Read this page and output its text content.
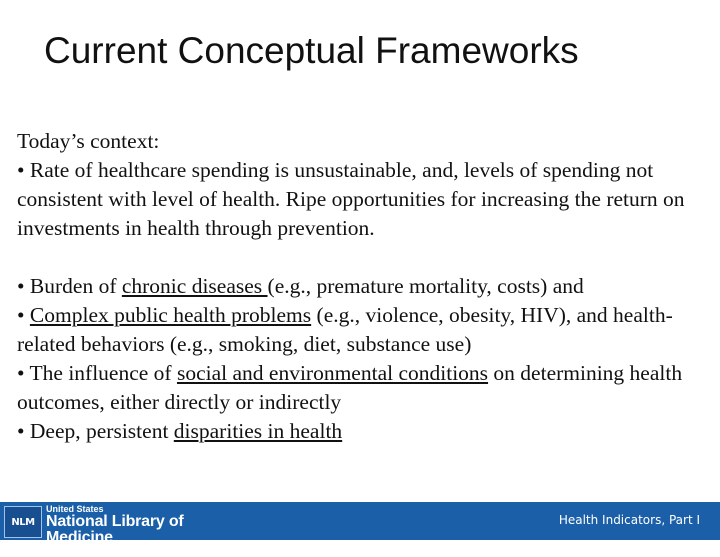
Current Conceptual Frameworks

Today’s context:

• Rate of healthcare spending is unsustainable, and, levels of spending not consistent with level of health. Ripe opportunities for increasing the return on investments in health through prevention.

• Burden of chronic diseases (e.g., premature mortality, costs) and

• Complex public health problems (e.g., violence, obesity, HIV), and health-related behaviors (e.g., smoking, diet, substance use)

• The influence of social and environmental conditions on determining health outcomes, either directly or indirectly

• Deep, persistent disparities in health

NLM
United States
National Library of Medicine
National Institutes of Health
Health Indicators, Part I
